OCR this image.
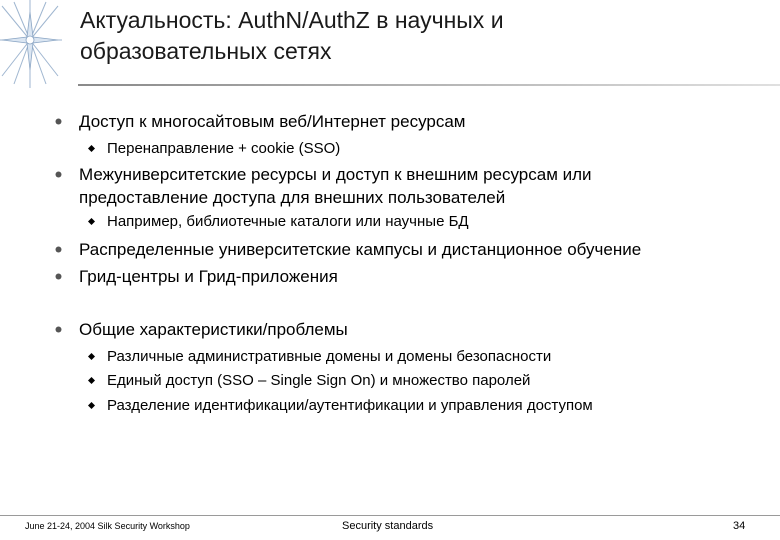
Актуальность: AuthN/AuthZ в научных и
образовательных сетях
Доступ к многосайтовым веб/Интернет ресурсам
Перенаправление + cookie (SSO)
Межуниверситетские ресурсы и доступ к внешним ресурсам или
предоставление доступа для внешних пользователей
Например, библиотечные каталоги или научные БД
Распределенные университетские кампусы и дистанционное обучение
Грид-центры и Грид-приложения
Общие характеристики/проблемы
Различные административные домены и домены безопасности
Единый доступ (SSO – Single Sign On) и множество паролей
Разделение идентификации/аутентификации и управления доступом
June 21-24, 2004 Silk Security Workshop	Security standards	34
